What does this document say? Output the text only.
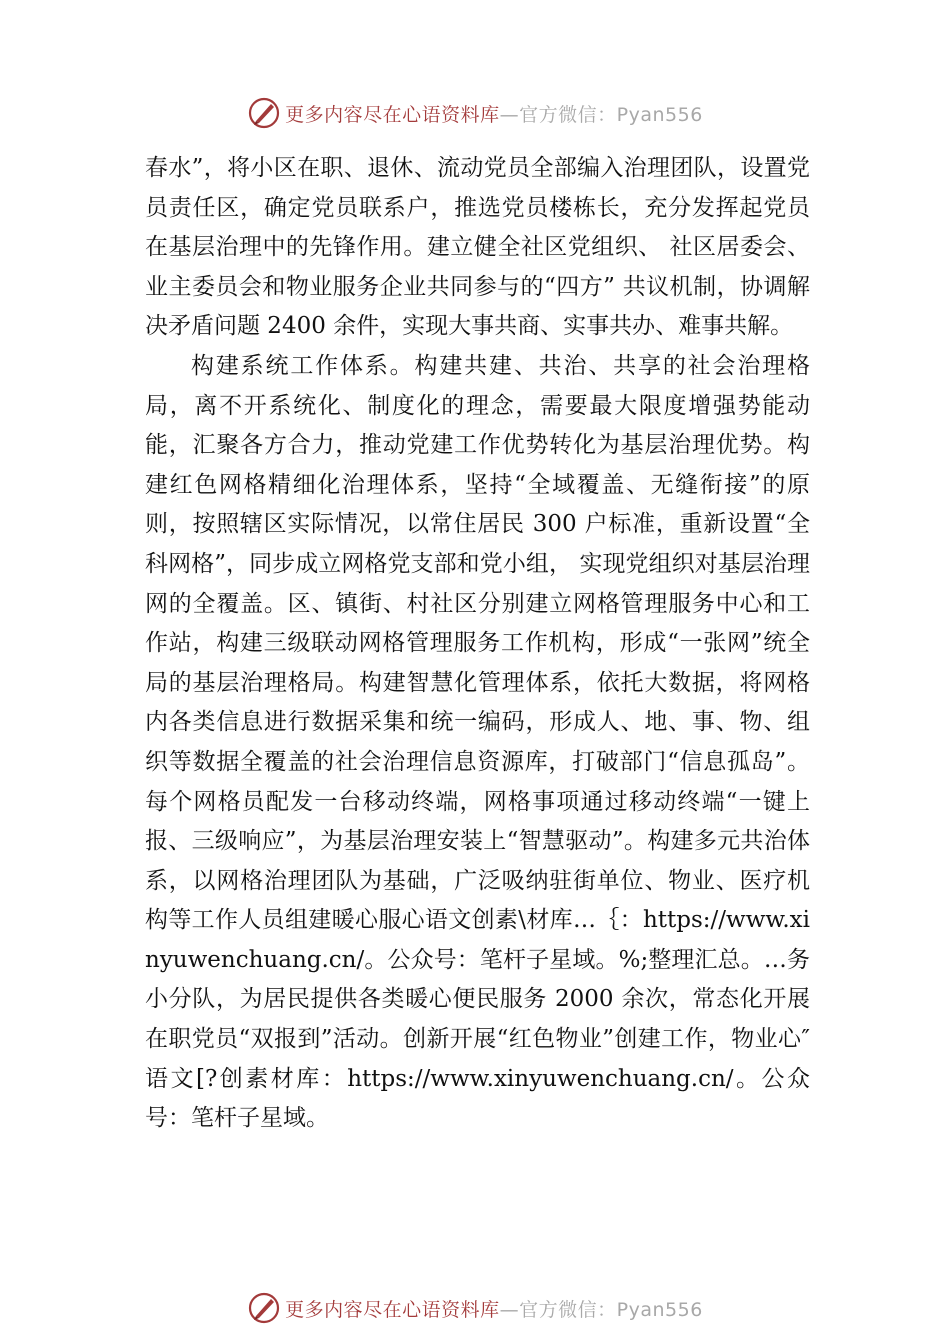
更多内容尽在心语资料库 —官方微信：Pyan556

春水”，将小区在职、退休、流动党员全部编入治理团队，设置党员责任区，确定党员联系户，推选党员楼栋长，充分发挥起党员在基层治理中的先锋作用。建立健全社区党组织、 社区居委会、业主委员会和物业服务企业共同参与的“四方” 共议机制，协调解决矛盾问题 2400 余件，实现大事共商、实事共办、难事共解。

构建系统工作体系。构建共建、共治、共享的社会治理格局，离不开系统化、制度化的理念，需要最大限度增强势能动能，汇聚各方合力，推动党建工作优势转化为基层治理优势。构建红色网格精细化治理体系，坚持“全域覆盖、无缝衔接”的原则，按照辖区实际情况，以常住居民 300 户标准，重新设置“全科网格”，同步成立网格党支部和党小组， 实现党组织对基层治理网的全覆盖。区、镇街、村社区分别建立网格管理服务中心和工作站，构建三级联动网格管理服务工作机构，形成“一张网”统全局的基层治理格局。构建智慧化管理体系，依托大数据，将网格内各类信息进行数据采集和统一编码，形成人、地、事、物、组织等数据全覆盖的社会治理信息资源库，打破部门“信息孤岛”。每个网格员配发一台移动终端，网格事项通过移动终端“一键上报、三级响应”，为基层治理安装上“智慧驱动”。构建多元共治体系，以网格治理团队为基础，广泛吸纳驻街单位、物业、医疗机构等工作人员组建暖心服心语文创素\材库…｛：https://www.xinyuwenchuang.cn/。公众号：笔杆子星域。%;整理汇总。…务小分队，为居民提供各类暖心便民服务 2000 余次，常态化开展在职党员“双报到”活动。创新开展“红色物业”创建工作，物业心″语文[?创素材库：https://www.xinyuwenchuang.cn/。公众号：笔杆子星域。

更多内容尽在心语资料库 —官方微信：Pyan556
